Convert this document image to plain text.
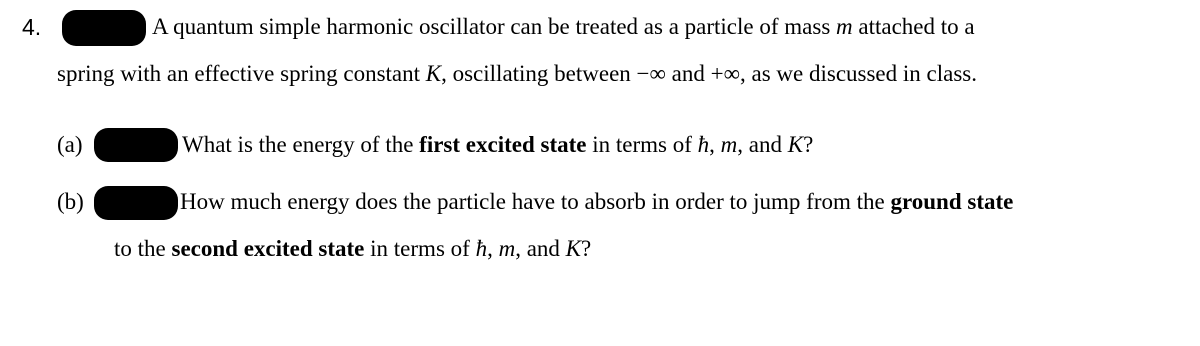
4.	A quantum simple harmonic oscillator can be treated as a particle of mass m attached to a
spring with an effective spring constant K, oscillating between −∞ and +∞, as we discussed in class.
(a)	What is the energy of the first excited state in terms of ħ, m, and K?
(b)	How much energy does the particle have to absorb in order to jump from the ground state
to the second excited state in terms of ħ, m, and K?
